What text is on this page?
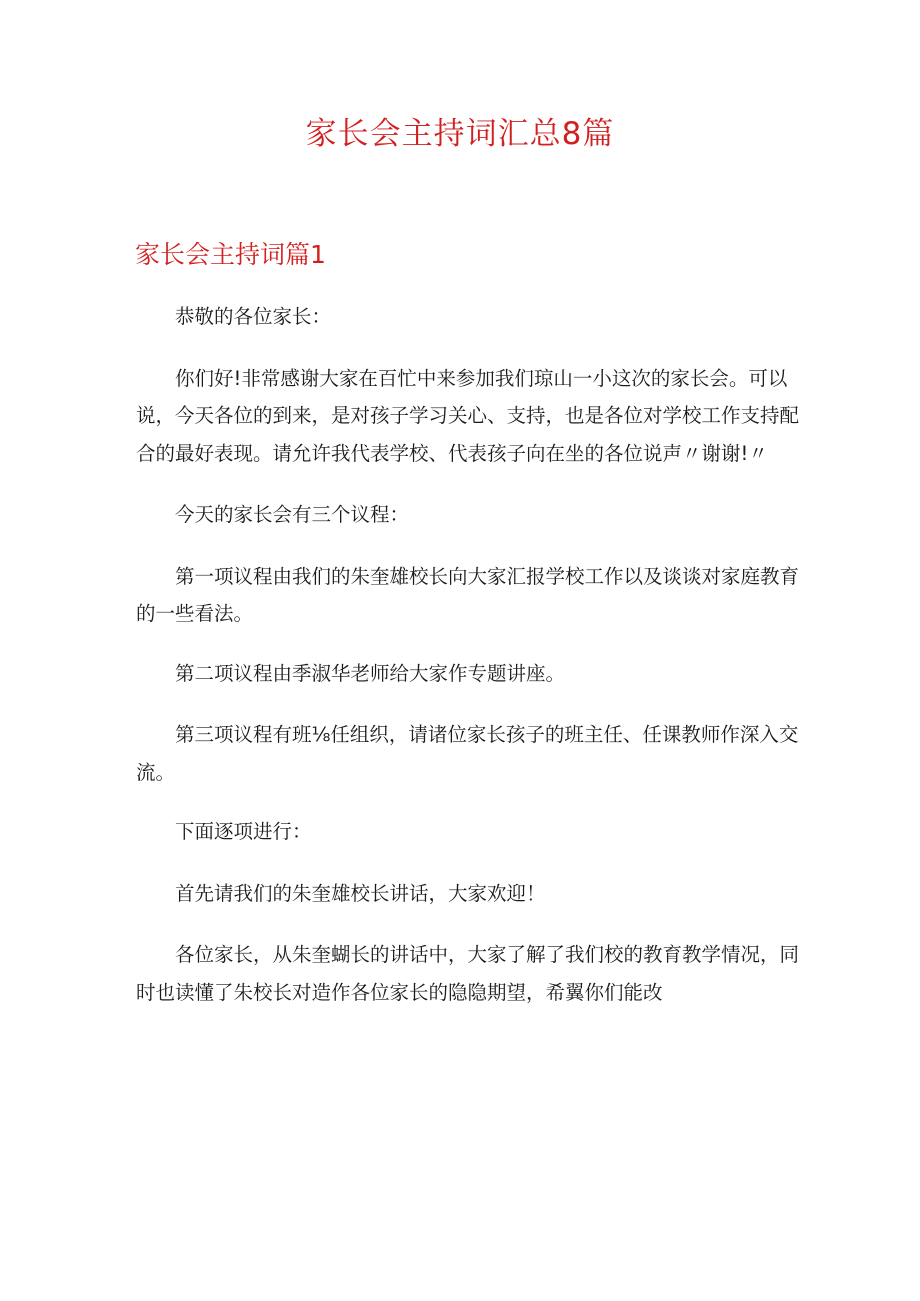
家长会主持词汇总8篇
家长会主持词篇1

恭敬的各位家长：

你们好!非常感谢大家在百忙中来参加我们琼山一小这次的家长会。可以说，今天各位的到来，是对孩子学习关心、支持，也是各位对学校工作支持配合的最好表现。请允许我代表学校、代表孩子向在坐的各位说声〃谢谢!〃

今天的家长会有三个议程：

第一项议程由我们的朱奎雄校长向大家汇报学校工作以及谈谈对家庭教育的一些看法。

第二项议程由季淑华老师给大家作专题讲座。

第三项议程有班⅛任组织，请诸位家长孩子的班主任、任课教师作深入交流。

下面逐项进行：

首先请我们的朱奎雄校长讲话，大家欢迎！

各位家长，从朱奎蝴长的讲话中，大家了解了我们校的教育教学情况，同时也读懂了朱校长对造作各位家长的隐隐期望，希翼你们能改
